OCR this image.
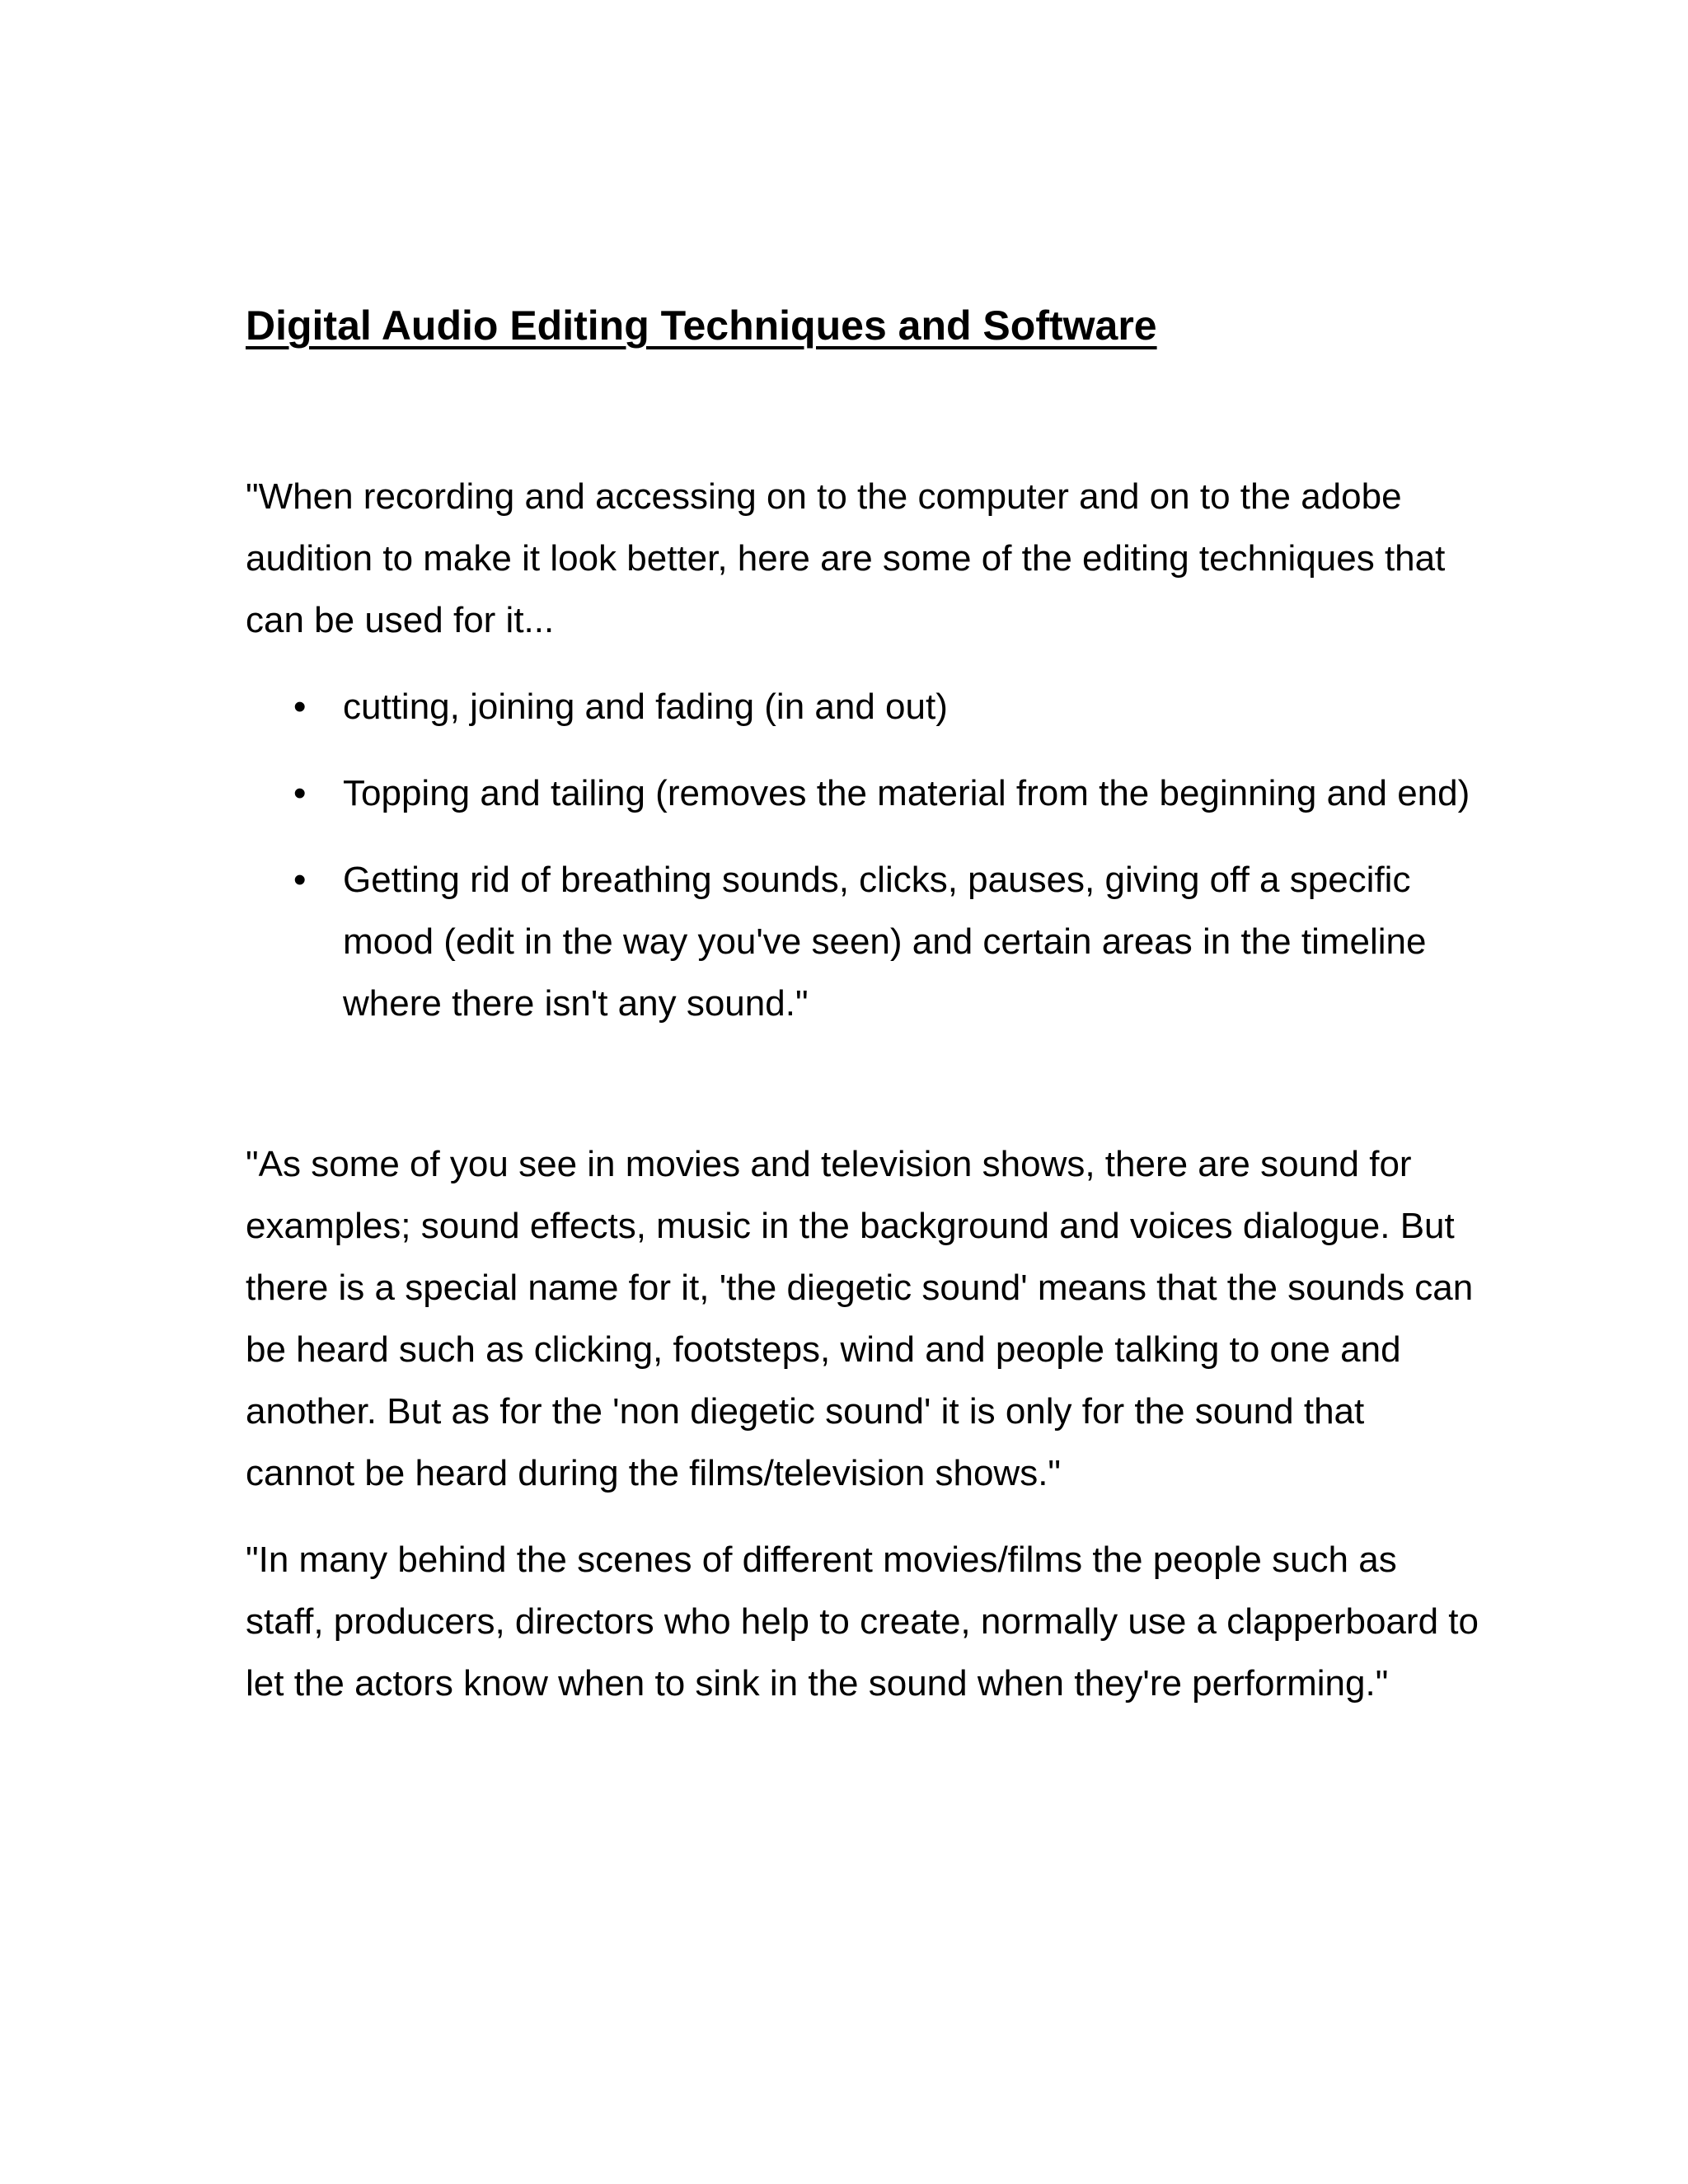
Digital Audio Editing Techniques and Software

"When recording and accessing on to the computer and on to the adobe audition to make it look better, here are some of the editing techniques that can be used for it...

• cutting, joining and fading (in and out)
• Topping and tailing (removes the material from the beginning and end)
• Getting rid of breathing sounds, clicks, pauses, giving off a specific mood (edit in the way you've seen) and certain areas in the timeline where there isn't any sound."

"As some of you see in movies and television shows, there are sound for examples; sound effects, music in the background and voices dialogue. But there is a special name for it, 'the diegetic sound' means that the sounds can be heard such as clicking, footsteps, wind and people talking to one and another. But as for the 'non diegetic sound' it is only for the sound that cannot be heard during the films/television shows."

"In many behind the scenes of different movies/films the people such as staff, producers, directors who help to create, normally use a clapperboard to let the actors know when to sink in the sound when they're performing."
